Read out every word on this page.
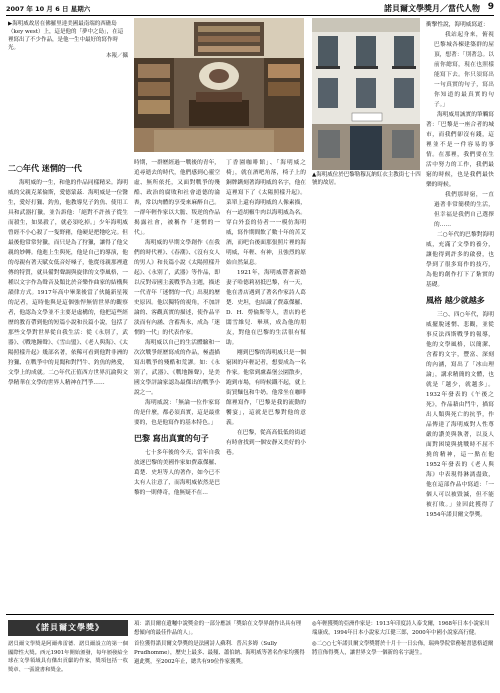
2007 年 10 月 6 日 星期六	諾貝爾文學獎月／當代人物 9
▶海明威故居在佛羅里達美國最南端的西礁島（key west）上，這是他的「夢中之島」，在這裡寫出了不少作品，是他一生中最好的寫作時光。
本報／攝
▲海明威位於巴黎勒穆瓦納紅衣主教街七十四號的故居。
二○年代 迷惘的一代

海明威的一生，和他的作品同樣精采。海明威的父親克萊倫斯，愛德蒙茲．海明威是一位醫生，愛好打獵、釣魚，他教導兒子釣魚、使用工具和武器打獵，並告訴他：「絕對不許孩子從生而殺生，如果殺了，就必須吃掉。」少年海明威曾經不小心殺了一隻野豬，他硬是把牠吃完。但最後他常常狩獵，而只是為了狩獵，讓得了他父親的妙轉。他進上生與死，他是自己的導演，他的母親有著天賦女低音好嗓子，他從母親那裡遺傳的特質，就具備對聲調與旋律的文學風格，一種以文字作為聲音及類比於音樂作曲家的結構與韻律方式。1917年高中畢業後當了伙隨新星報的記者，這時他與是這個強悍無情世界的觀察者，他認為文學並不主要是虛構的，他把這些經歷的教育帶到他的短篇小說和長篇小說，包括了那些文學對世界從自我生活：從《永別了，武器》、《戰地鐘聲》、《雪山盟》、《老人與海》、《太陽照樣升起》幾部名著，依稀可看到他對非洲的狩獵、在戰爭中的見聞和對鬥牛、釣魚的熱愛，文學上的成就。二○年代正值西方世界沉淪與文學精華在文學的世界人精神在鬥爭……

時期，一群歷經過一戰後的青年，追尋逝去的時代，他們感到心靈空虛、無所依托，又面對戰爭的殘酷、政治的腐敗和社會道德的淪喪，常以肉體的享受來麻醉自己。一群年輕作家以大膽、叛逆的作品揭露社會，被稱作「迷惘的一代」。

海明威的早期文學創作《在我們的時代裡》、《春潮》、《沒有女人的男人》和長篇小說《太陽照樣升起》、《永別了，武器》等作品，即以反對帝國主義戰爭為主題，描述一代青年「迷惘的一代」出現的歷史原因。他以獨特的視角，不加評論的、客觀真實的描述，使作品平淡而有內涵、含蓄雋永，成為「迷惘的一代」的代表作家。

海明威以自己的生活體驗和一次次戰爭經歷寫成的作品，極盡描寫出戰爭的殘酷和荒謬。如：《永別了，武器》、《戰地鐘聲》，是美國文學評論家認為最傑出的戰爭小說之一。

海明威說：「無論一位作家寫的是什麼，都必須真實，這是最重要的，也是他寫作的基本特色。」

巴黎 寫出真實的句子

七十多年後的今天，當年自我放逐巴黎的美國作家如費茲傑羅、葛楚．史坦等人的著作，如今已不太有人注意了，而海明威依然是巴黎的一則傳奇，他無疑不在…

丁香園咖啡館」、「海明威之椅」，就在酒吧角落，椅子上的銅牌鐫刻著海明威的名字，他在這裡寫下了《太陽照樣升起》。菜單上還有海明威的人像素描，有一道胡椒牛肉以海明威為名。穿白外套的侍者一一模仿海明威，寫作期間飲了數十年的苦艾酒，而吧台後面那張照片裡的海明威，年輕、有神，且強烈的原始自然氣息。

1921年，海明威帶著新婚妻子哈德莉初抵巴黎，有一天，他在書店遇到了著名作家詩人葛楚．史坦，也結識了費茲傑羅、D．H．勞倫斯等人，書店的老闆雪維兒．畢琪，成為他的朋友，對他在巴黎的生活很有幫助。

剛到巴黎的海明威只是一個窮困的年輕記者，想要成為一名作家。他常到盧森堡公園散步，跑到市場，有時候鐵不起，就上街買麵包和牛奶。他常坐在咖啡館裡寫作，「巴黎是我的流動的饗宴」，這就是巴黎對他的意義。

在巴黎，從高高低低的街道有時會找到一個安靜又美好的小巷。

衝擊性說，海明威寫道：

我站起身來，俯視巴黎城各棟建築群的屋頂，想著：「別著急。以前你總寫，現在也照樣能寫下去。你只須寫出一句真實的句子，寫出你知道的最真實的句子。」

海明威用誠實的筆觸寫著：「巴黎是一座合者的城市，而我們卻沒有錢，這裡並不是一件容易的事情。在那裡，我們要在生活中努力的工作，我們最窮的時候，也是我們最快樂的時候。

我們那時窮，一直過著非常簡樸的生活，但幸福是我們自己選擇的……

二○年代的巴黎對海明威，充滿了文學的養分，讓他得到許多的啟發，也學到了很多寫作的技巧，為他的創作打下了紮實的基礎。

風格 越少就越多

三○、四○年代，海明威擺脫迷惘、悲觀，並從事反法西斯戰爭的報導，他的文學風格，以簡潔、含蓄的文字，豐富、深刻的內涵，寫出了「冰山理論」，講求精簡的文體，也就是「越少，就越多」。1932年發表的《午後之死》，作品藉由鬥牛，描寫出人類與死亡的抗爭，作品傳達了海明威對人性尊嚴的讚美與執著，以及人面對困境與挑戰時不屈不撓的精神，這一點在他1952年發表的《老人與海》中表現得淋漓盡致，他在這部作品中寫道：「一個人可以被毀滅，但不能被打敗。」並因此獲得了1954年諾貝爾文學獎。

《諾貝爾文學獎》
諾貝爾文學獎是阿爾弗雷德．諾貝爾設立的第一個國際性大獎。西元1901年開始頒發，每年頒發給全球在文學領域具有傑出貢獻的作家，獎項包括一枚獎章、一張證書和獎金。

項：諾貝爾在遺囑中說獎金的一部分應該「獎給在文學界創作出具有理想傾向的最佳作品的人」。

首位獲得諾貝爾文學獎的是法國詩人蘇利．普呂多姆（Sully Prudhomme），歷史上最多、最頻、蕭伯納、海明威等著名作家均獲得過此獎，至2002年止，總共有99位作家獲獎。

◎年輕獲獎的亞洲作家是：1913年印度詩人泰戈爾，1968年日本小說家川端康成，1994年日本小說家大江健三郎，2000年中國小說家高行健。

◎二○○七年諾貝爾文學獎將於十月十一日公佈，瑞典學院常務秘書恩格道爾將宣佈得獎人，讓世界文學一個新的名字誕生。
